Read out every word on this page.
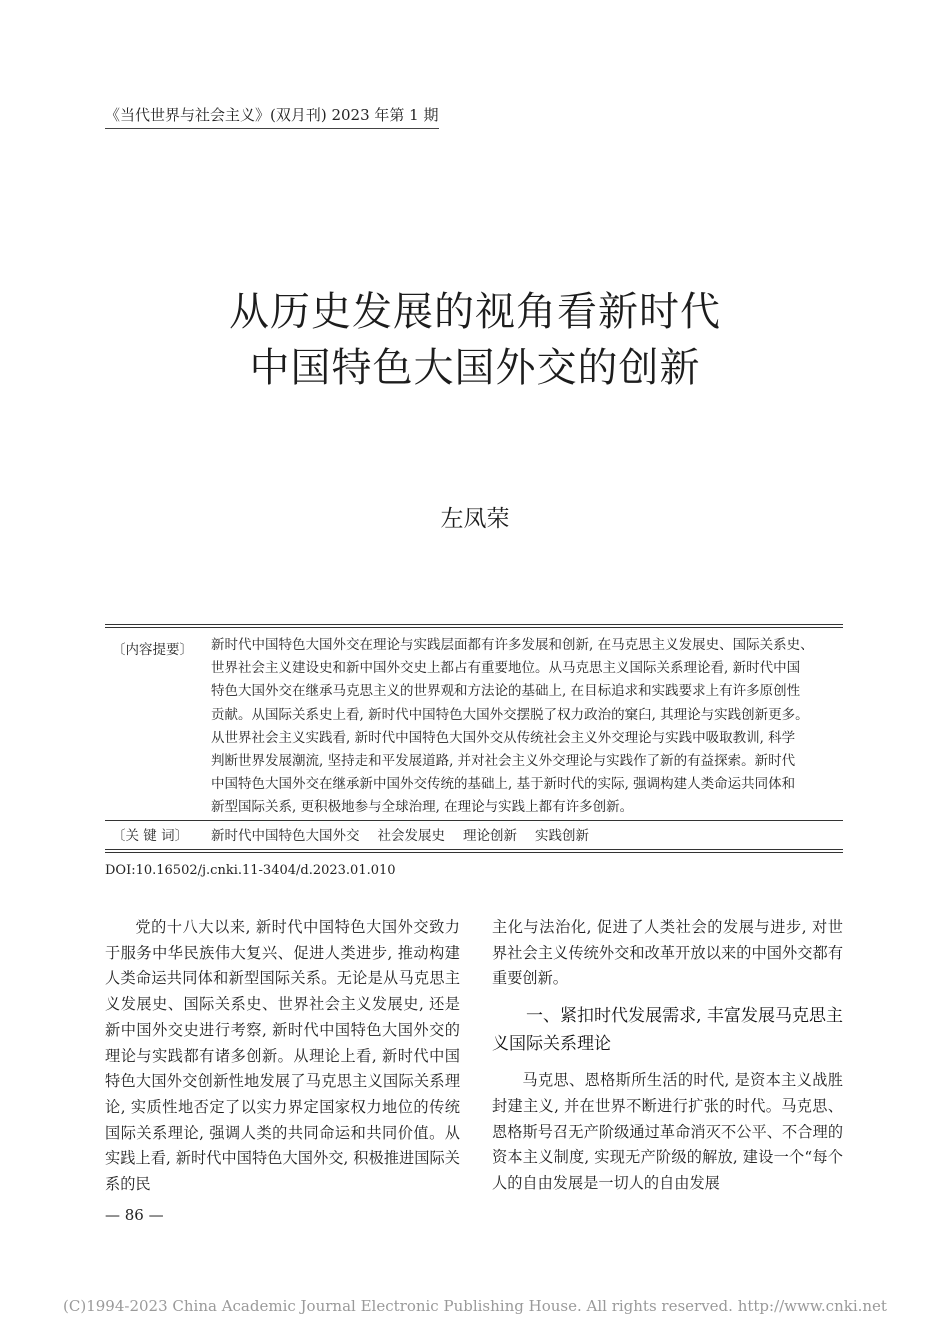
《当代世界与社会主义》(双月刊) 2023 年第 1 期
从历史发展的视角看新时代
中国特色大国外交的创新
左凤荣
〔内容提要〕 新时代中国特色大国外交在理论与实践层面都有许多发展和创新, 在马克思主义发展史、国际关系史、
世界社会主义建设史和新中国外交史上都占有重要地位。从马克思主义国际关系理论看, 新时代中国
特色大国外交在继承马克思主义的世界观和方法论的基础上, 在目标追求和实践要求上有许多原创性
贡献。从国际关系史上看, 新时代中国特色大国外交摆脱了权力政治的窠臼, 其理论与实践创新更多。
从世界社会主义实践看, 新时代中国特色大国外交从传统社会主义外交理论与实践中吸取教训, 科学
判断世界发展潮流, 坚持走和平发展道路, 并对社会主义外交理论与实践作了新的有益探索。新时代
中国特色大国外交在继承新中国外交传统的基础上, 基于新时代的实际, 强调构建人类命运共同体和
新型国际关系, 更积极地参与全球治理, 在理论与实践上都有许多创新。
〔关 键 词〕 新时代中国特色大国外交 社会发展史 理论创新 实践创新
DOI:10.16502/j.cnki.11-3404/d.2023.01.010

党的十八大以来, 新时代中国特色大国外交致力于服务中华民族伟大复兴、促进人类进步, 推动构建人类命运共同体和新型国际关系。无论是从马克思主义发展史、国际关系史、世界社会主义发展史, 还是新中国外交史进行考察, 新时代中国特色大国外交的理论与实践都有诸多创新。从理论上看, 新时代中国特色大国外交创新性地发展了马克思主义国际关系理论, 实质性地否定了以实力界定国家权力地位的传统国际关系理论, 强调人类的共同命运和共同价值。从实践上看, 新时代中国特色大国外交, 积极推进国际关系的民

主化与法治化, 促进了人类社会的发展与进步, 对世界社会主义传统外交和改革开放以来的中国外交都有重要创新。

一、紧扣时代发展需求, 丰富发展马克思主义国际关系理论

马克思、恩格斯所生活的时代, 是资本主义战胜封建主义, 并在世界不断进行扩张的时代。马克思、恩格斯号召无产阶级通过革命消灭不公平、不合理的资本主义制度, 实现无产阶级的解放, 建设一个“每个人的自由发展是一切人的自由发展

— 86 —
(C)1994-2023 China Academic Journal Electronic Publishing House. All rights reserved. http://www.cnki.net
